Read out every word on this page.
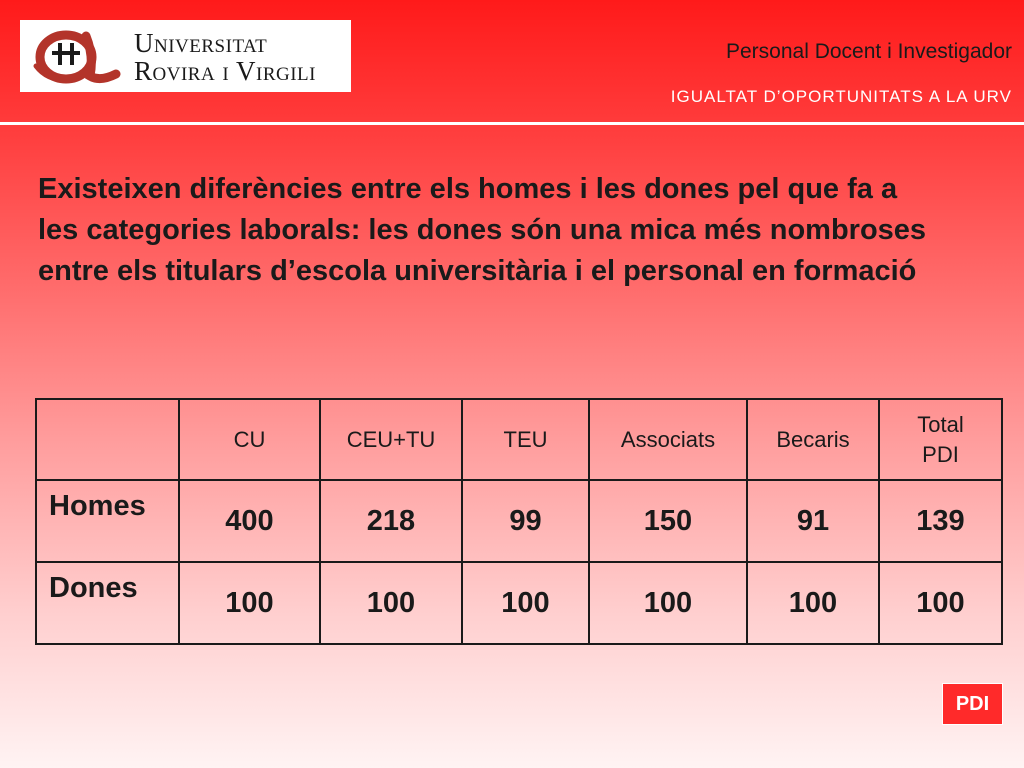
Universitat
Rovira i Virgili
Personal Docent i Investigador
IGUALTAT D’OPORTUNITATS A LA URV
Existeixen diferències entre els homes i les dones pel que fa a les categories laborals: les dones són una mica més nombroses entre els titulars d’escola universitària i el personal en formació
	CU	CEU+TU	TEU	Associats	Becaris	Total
PDI
Homes	400	218	99	150	91	139
Dones	100	100	100	100	100	100
PDI
